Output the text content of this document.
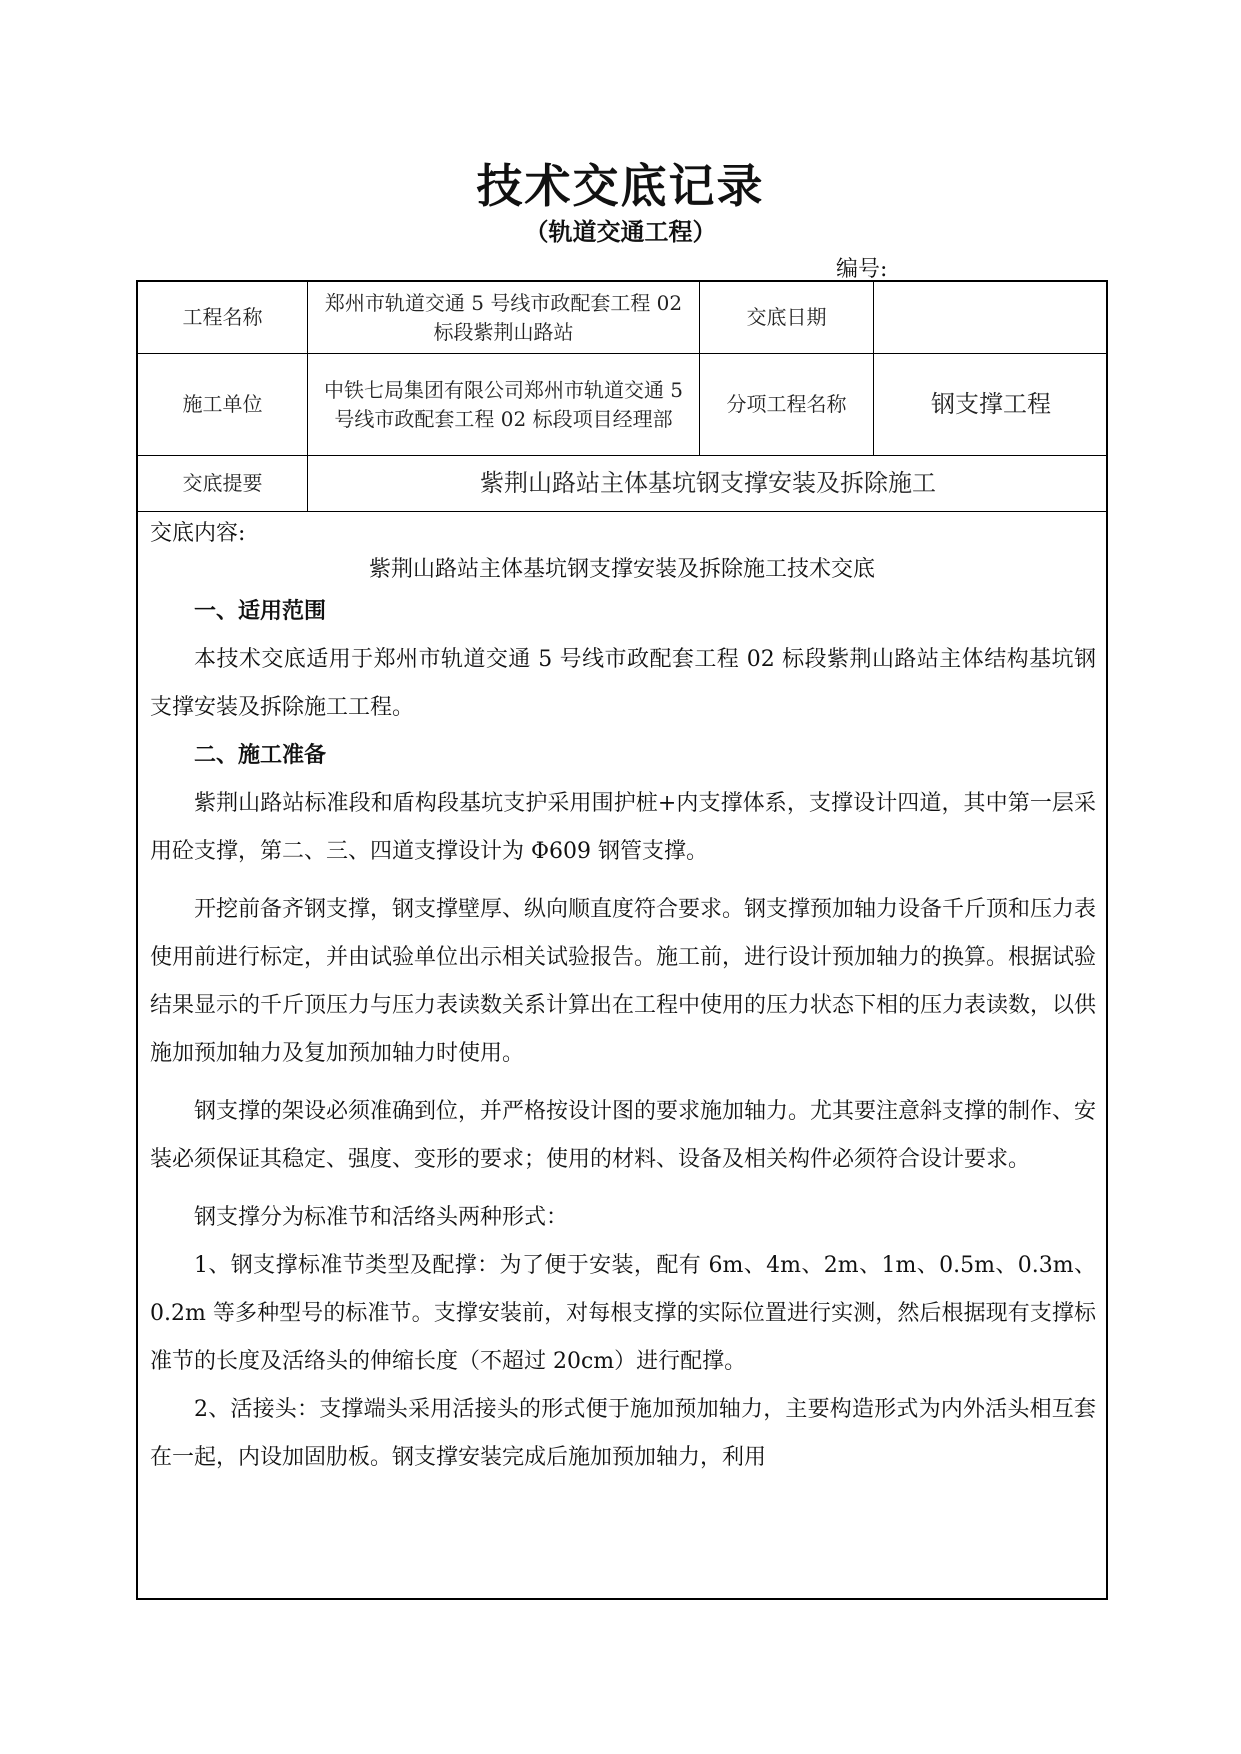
技术交底记录
（轨道交通工程）
编号:
工程名称
郑州市轨道交通 5 号线市政配套工程 02 标段紫荆山路站
交底日期
施工单位
中铁七局集团有限公司郑州市轨道交通 5 号线市政配套工程 02 标段项目经理部
分项工程名称	钢支撑工程
交底提要	紫荆山路站主体基坑钢支撑安装及拆除施工
交底内容:
紫荆山路站主体基坑钢支撑安装及拆除施工技术交底

一、适用范围

本技术交底适用于郑州市轨道交通 5 号线市政配套工程 02 标段紫荆山路站主体结构基坑钢支撑安装及拆除施工工程。

二、施工准备

紫荆山路站标准段和盾构段基坑支护采用围护桩+内支撑体系，支撑设计四道，其中第一层采用砼支撑，第二、三、四道支撑设计为 Φ609 钢管支撑。

开挖前备齐钢支撑，钢支撑壁厚、纵向顺直度符合要求。钢支撑预加轴力设备千斤顶和压力表使用前进行标定，并由试验单位出示相关试验报告。施工前，进行设计预加轴力的换算。根据试验结果显示的千斤顶压力与压力表读数关系计算出在工程中使用的压力状态下相的压力表读数，以供施加预加轴力及复加预加轴力时使用。

钢支撑的架设必须准确到位，并严格按设计图的要求施加轴力。尤其要注意斜支撑的制作、安装必须保证其稳定、强度、变形的要求；使用的材料、设备及相关构件必须符合设计要求。

钢支撑分为标准节和活络头两种形式：

1、钢支撑标准节类型及配撑：为了便于安装，配有 6m、4m、2m、1m、0.5m、0.3m、0.2m 等多种型号的标准节。支撑安装前，对每根支撑的实际位置进行实测，然后根据现有支撑标准节的长度及活络头的伸缩长度（不超过 20cm）进行配撑。

2、活接头：支撑端头采用活接头的形式便于施加预加轴力，主要构造形式为内外活头相互套在一起，内设加固肋板。钢支撑安装完成后施加预加轴力，利用
